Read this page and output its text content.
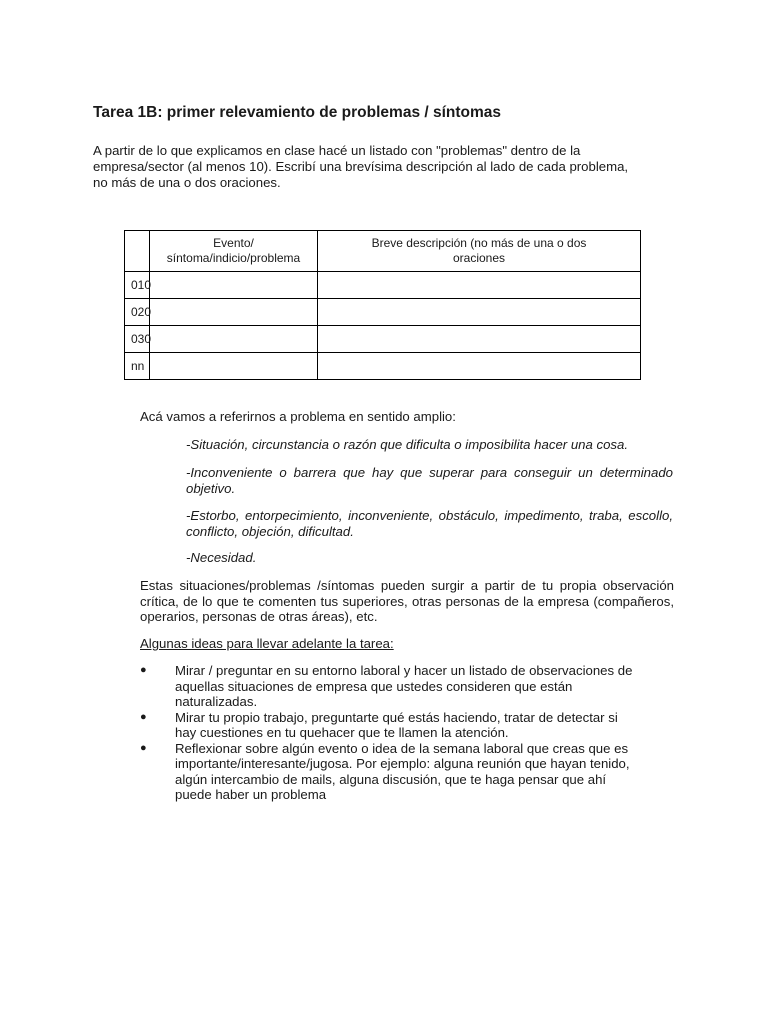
Tarea 1B: primer relevamiento de problemas / síntomas

A partir de lo que explicamos en clase hacé un listado con "problemas" dentro de la
empresa/sector (al menos 10). Escribí una brevísima descripción al lado de cada problema,
no más de una o dos oraciones.

	Evento/
síntoma/indicio/problema	Breve descripción (no más de una o dos
oraciones

010		
020		
030		
nn		

Acá vamos a referirnos a problema en sentido amplio:

-Situación, circunstancia o razón que dificulta o imposibilita hacer una cosa.

-Inconveniente o barrera que hay que superar para conseguir un determinado objetivo.

-Estorbo, entorpecimiento, inconveniente, obstáculo, impedimento, traba, escollo, conflicto, objeción, dificultad.

-Necesidad.

Estas situaciones/problemas /síntomas pueden surgir a partir de tu propia observación crítica, de lo que te comenten tus superiores, otras personas de la empresa (compañeros, operarios, personas de otras áreas), etc.

Algunas ideas para llevar adelante la tarea:

● Mirar / preguntar en su entorno laboral y hacer un listado de observaciones de
aquellas situaciones de empresa que ustedes consideren que están
naturalizadas.
● Mirar tu propio trabajo, preguntarte qué estás haciendo, tratar de detectar si
hay cuestiones en tu quehacer que te llamen la atención.
● Reflexionar sobre algún evento o idea de la semana laboral que creas que es
importante/interesante/jugosa. Por ejemplo: alguna reunión que hayan tenido,
algún intercambio de mails, alguna discusión, que te haga pensar que ahí
puede haber un problema
